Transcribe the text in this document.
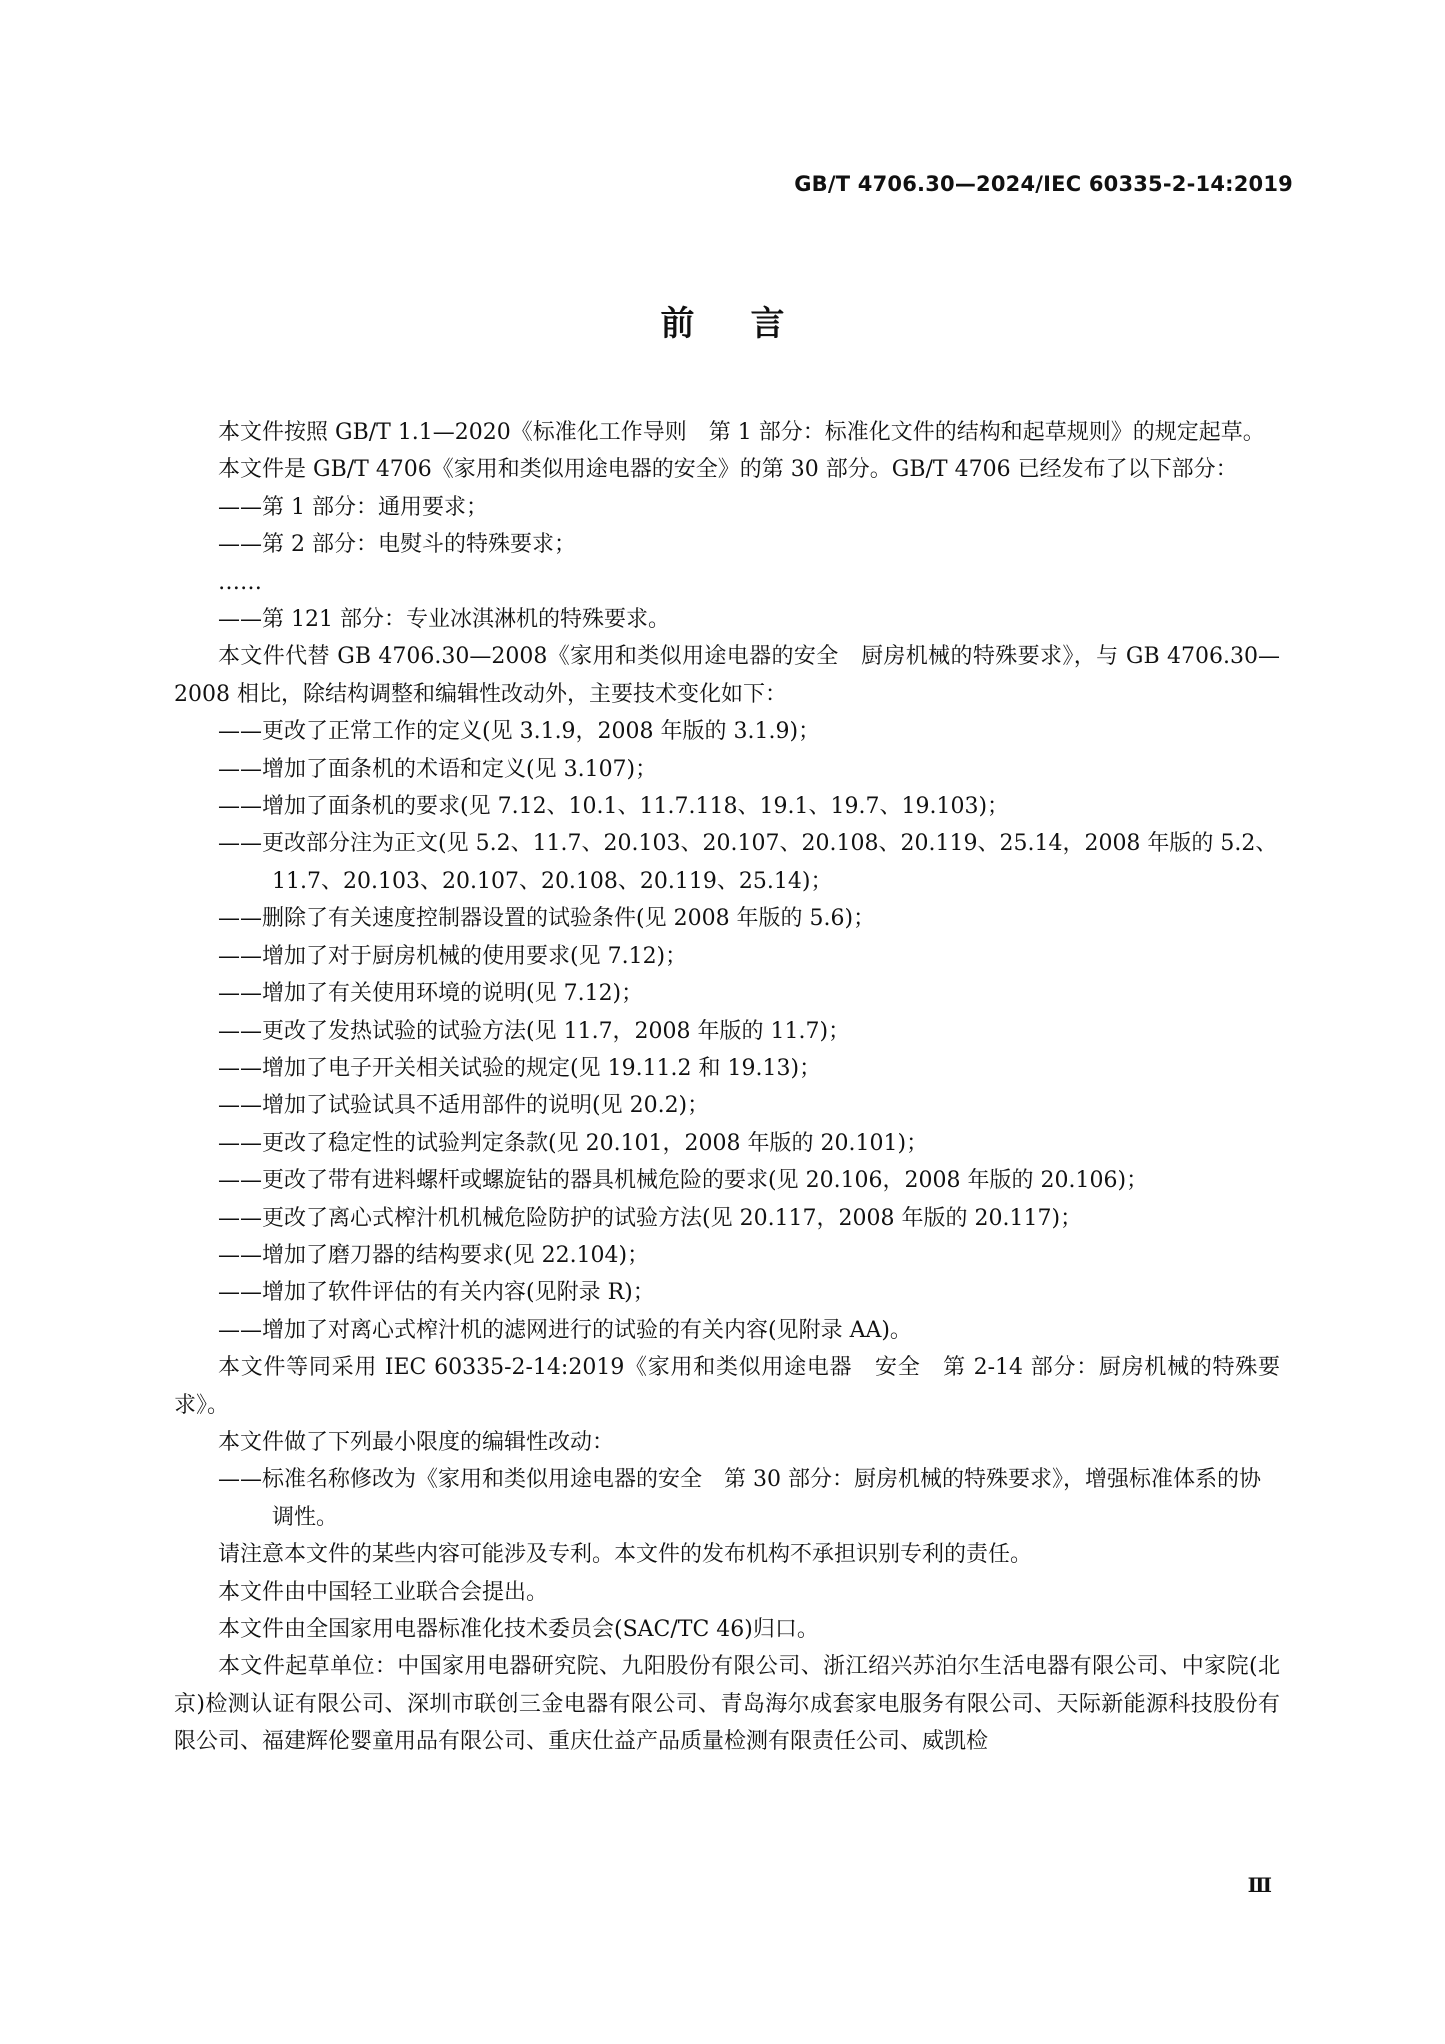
GB/T 4706.30—2024/IEC 60335-2-14:2019
前言

本文件按照 GB/T 1.1—2020《标准化工作导则　第 1 部分：标准化文件的结构和起草规则》的规定起草。

本文件是 GB/T 4706《家用和类似用途电器的安全》的第 30 部分。GB/T 4706 已经发布了以下部分：

——第 1 部分：通用要求；

——第 2 部分：电熨斗的特殊要求；

……

——第 121 部分：专业冰淇淋机的特殊要求。

本文件代替 GB 4706.30—2008《家用和类似用途电器的安全　厨房机械的特殊要求》，与 GB 4706.30—2008 相比，除结构调整和编辑性改动外，主要技术变化如下：

——更改了正常工作的定义(见 3.1.9，2008 年版的 3.1.9)；

——增加了面条机的术语和定义(见 3.107)；

——增加了面条机的要求(见 7.12、10.1、11.7.118、19.1、19.7、19.103)；

——更改部分注为正文(见 5.2、11.7、20.103、20.107、20.108、20.119、25.14，2008 年版的 5.2、11.7、20.103、20.107、20.108、20.119、25.14)；

——删除了有关速度控制器设置的试验条件(见 2008 年版的 5.6)；

——增加了对于厨房机械的使用要求(见 7.12)；

——增加了有关使用环境的说明(见 7.12)；

——更改了发热试验的试验方法(见 11.7，2008 年版的 11.7)；

——增加了电子开关相关试验的规定(见 19.11.2 和 19.13)；

——增加了试验试具不适用部件的说明(见 20.2)；

——更改了稳定性的试验判定条款(见 20.101，2008 年版的 20.101)；

——更改了带有进料螺杆或螺旋钻的器具机械危险的要求(见 20.106，2008 年版的 20.106)；

——更改了离心式榨汁机机械危险防护的试验方法(见 20.117，2008 年版的 20.117)；

——增加了磨刀器的结构要求(见 22.104)；

——增加了软件评估的有关内容(见附录 R)；

——增加了对离心式榨汁机的滤网进行的试验的有关内容(见附录 AA)。

本文件等同采用 IEC 60335-2-14:2019《家用和类似用途电器　安全　第 2-14 部分：厨房机械的特殊要求》。

本文件做了下列最小限度的编辑性改动：

——标准名称修改为《家用和类似用途电器的安全　第 30 部分：厨房机械的特殊要求》，增强标准体系的协调性。

请注意本文件的某些内容可能涉及专利。本文件的发布机构不承担识别专利的责任。

本文件由中国轻工业联合会提出。

本文件由全国家用电器标准化技术委员会(SAC/TC 46)归口。

本文件起草单位：中国家用电器研究院、九阳股份有限公司、浙江绍兴苏泊尔生活电器有限公司、中家院(北京)检测认证有限公司、深圳市联创三金电器有限公司、青岛海尔成套家电服务有限公司、天际新能源科技股份有限公司、福建辉伦婴童用品有限公司、重庆仕益产品质量检测有限责任公司、威凯检

Ⅲ
